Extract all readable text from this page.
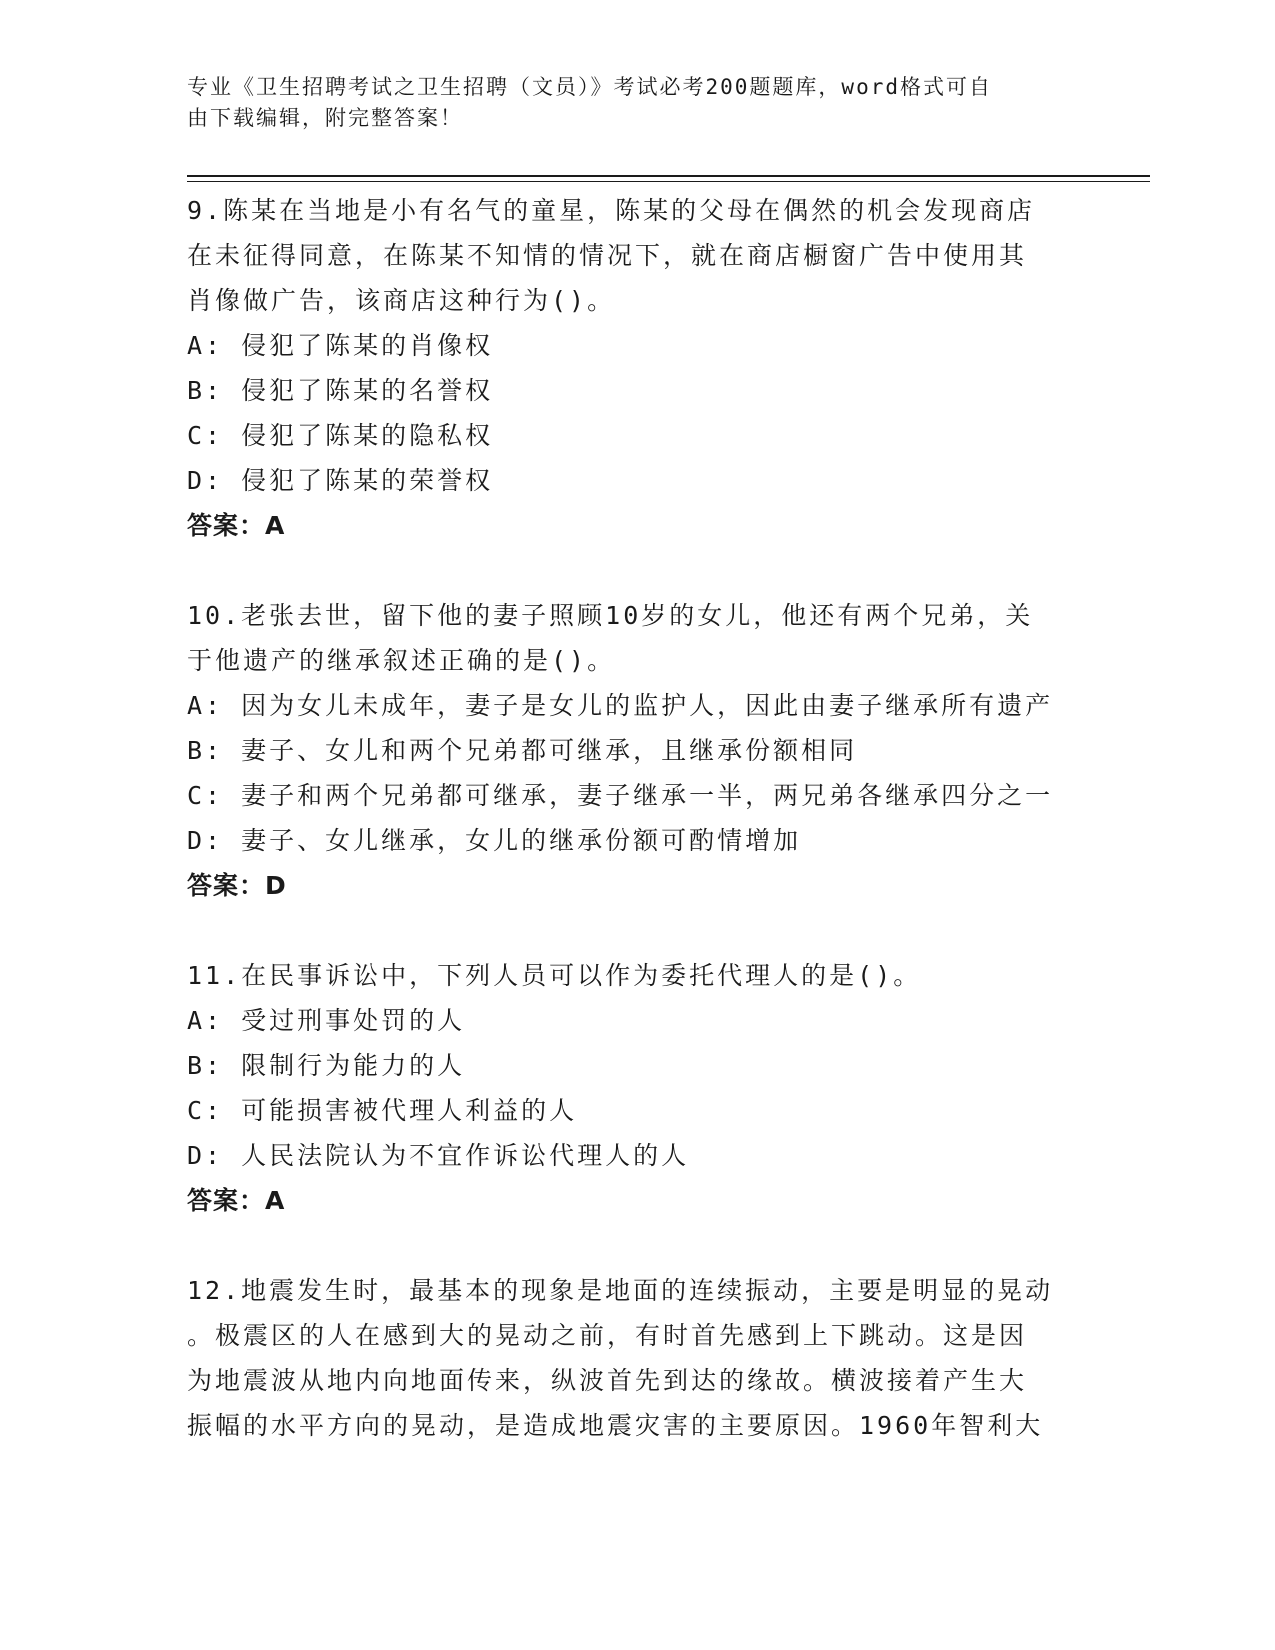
专业《卫生招聘考试之卫生招聘（文员）》考试必考200题题库，word格式可自
由下载编辑，附完整答案！
9.陈某在当地是小有名气的童星，陈某的父母在偶然的机会发现商店
在未征得同意，在陈某不知情的情况下，就在商店橱窗广告中使用其
肖像做广告，该商店这种行为()。
A: 侵犯了陈某的肖像权
B: 侵犯了陈某的名誉权
C: 侵犯了陈某的隐私权
D: 侵犯了陈某的荣誉权
答案：A
10.老张去世，留下他的妻子照顾10岁的女儿，他还有两个兄弟，关
于他遗产的继承叙述正确的是()。
A: 因为女儿未成年，妻子是女儿的监护人，因此由妻子继承所有遗产
B: 妻子、女儿和两个兄弟都可继承，且继承份额相同
C: 妻子和两个兄弟都可继承，妻子继承一半，两兄弟各继承四分之一
D: 妻子、女儿继承，女儿的继承份额可酌情增加
答案：D
11.在民事诉讼中，下列人员可以作为委托代理人的是()。
A: 受过刑事处罚的人
B: 限制行为能力的人
C: 可能损害被代理人利益的人
D: 人民法院认为不宜作诉讼代理人的人
答案：A
12.地震发生时，最基本的现象是地面的连续振动，主要是明显的晃动
。极震区的人在感到大的晃动之前，有时首先感到上下跳动。这是因
为地震波从地内向地面传来，纵波首先到达的缘故。横波接着产生大
振幅的水平方向的晃动，是造成地震灾害的主要原因。1960年智利大
